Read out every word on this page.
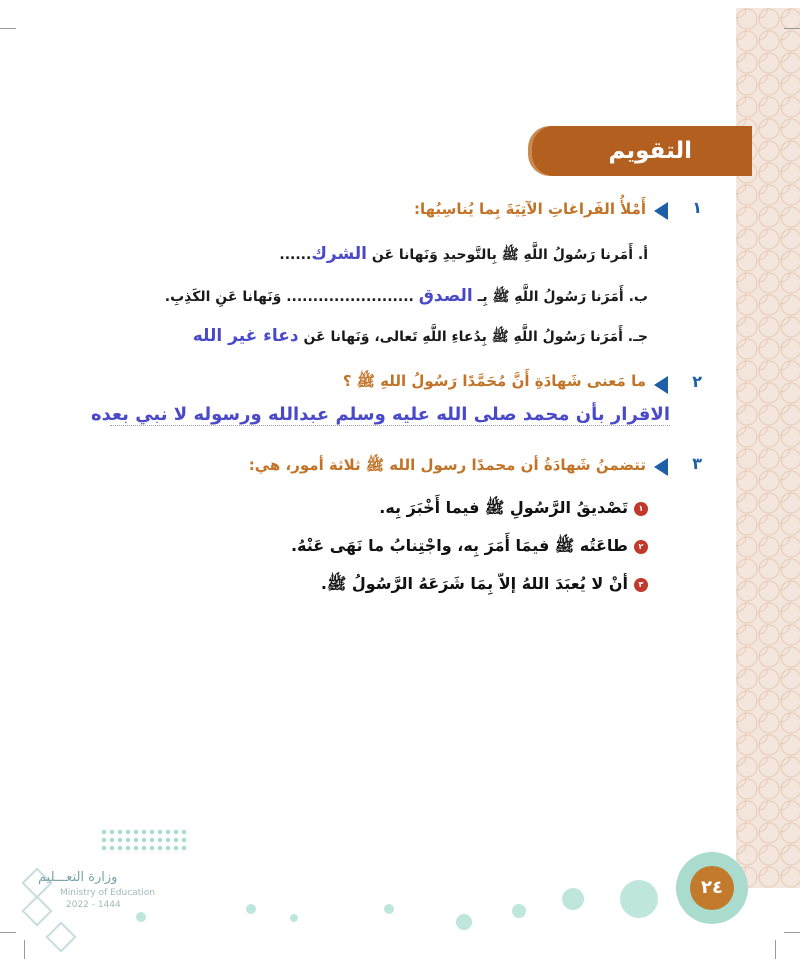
التقويم
١
أَمْلأُ الفَراغاتِ الآتِيَةَ بِما يُناسِبُها:
أ. أَمَرنا رَسُولُ اللَّهِ ﷺ بِالتَّوحيدِ وَنَهانا عَن الشرك......
ب. أَمَرَنا رَسُولُ اللَّهِ ﷺ بِـ الصدق ........................ وَنَهانا عَنِ الكَذِبِ.
جـ. أَمَرَنا رَسُولُ اللَّهِ ﷺ بِدُعاءِ اللَّهِ تَعالى، وَنَهانا عَن دعاء غير الله
٢
ما مَعنى شَهادَةِ أَنَّ مُحَمَّدًا رَسُولُ اللهِ ﷺ ؟
الاقرار بأن محمد صلى الله عليه وسلم عبدالله ورسوله لا نبي بعده
٣
تتضمنُ شَهادَةُ أن محمدًا رسول الله ﷺ ثلاثة أمور، هي:
١تَصْديقُ الرَّسُولِ ﷺ فيما أَخْبَرَ بِه.
٢طاعَتُه ﷺ فيمَا أَمَرَ بِه، واجْتِنابُ ما نَهَى عَنْهُ.
٣أنْ لا يُعبَدَ اللهُ إلاّ بِمَا شَرَعَهُ الرَّسُولُ ﷺ.
٢٤
وزارة التعـــليم
Ministry of Education
2022 - 1444
